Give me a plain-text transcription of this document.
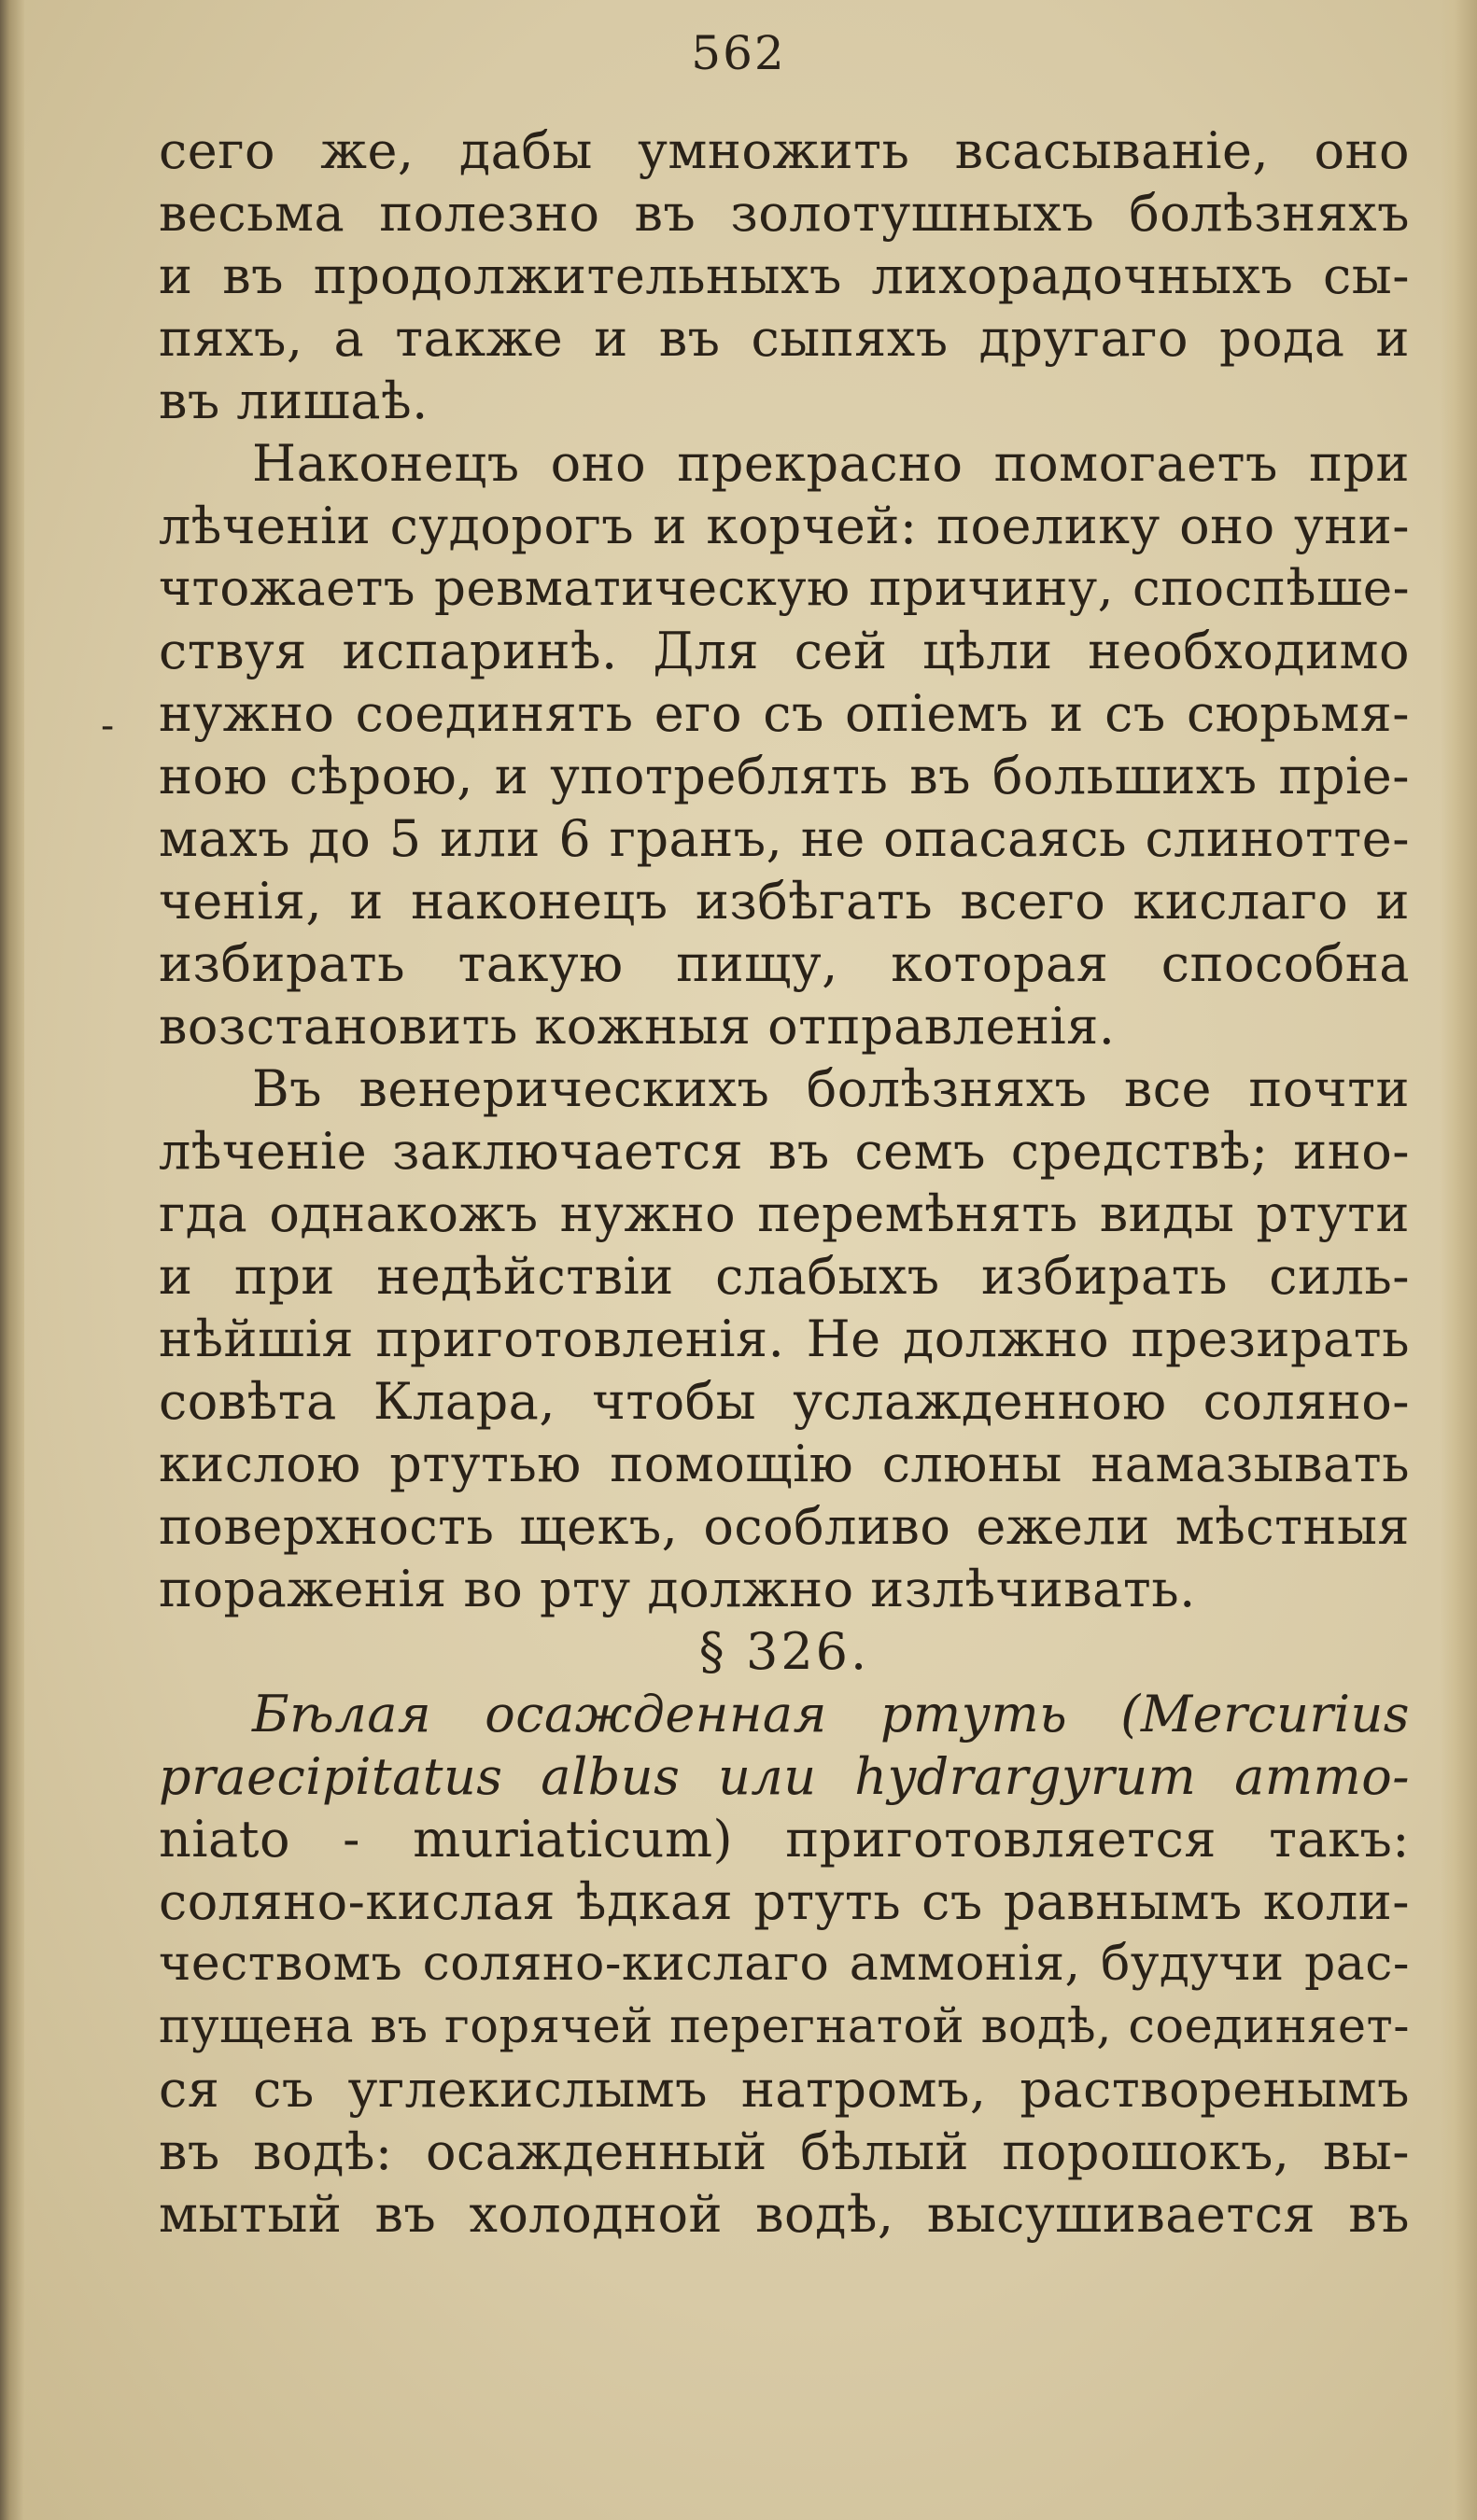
562
-
сего же, дабы умножить всасываніе, оно
весьма полезно въ золотушныхъ болѣзняхъ
и въ продолжительныхъ лихорадочныхъ сы-
пяхъ, а также и въ сыпяхъ другаго рода и
въ лишаѣ.
Наконецъ оно прекрасно помогаетъ при
лѣченіи судорогъ и корчей: поелику оно уни-
чтожаетъ ревматическую причину, споспѣше-
ствуя испаринѣ. Для сей цѣли необходимо
нужно соединять его съ опіемъ и съ сюрьмя-
ною сѣрою, и употреблять въ большихъ пріе-
махъ до 5 или 6 гранъ, не опасаясь слинотте-
ченія, и наконецъ избѣгать всего кислаго и
избирать такую пищу, которая способна
возстановить кожныя отправленія.
Въ венерическихъ болѣзняхъ все почти
лѣченіе заключается въ семъ средствѣ; ино-
гда однакожъ нужно перемѣнять виды ртути
и при недѣйствіи слабыхъ избирать силь-
нѣйшія приготовленія. Не должно презирать
совѣта Клара, чтобы услажденною соляно-
кислою ртутью помощію слюны намазывать
поверхность щекъ, особливо ежели мѣстныя
пораженія во рту должно излѣчивать.
§ 326.
Бѣлая осажденная ртуть (Mercurius
praecipitatus albus или hydrargyrum ammo-
niato - muriaticum) приготовляется такъ:
соляно-кислая ѣдкая ртуть съ равнымъ коли-
чествомъ соляно-кислаго аммонія, будучи рас-
пущена въ горячей перегнатой водѣ, соединяет-
ся съ углекислымъ натромъ, растворенымъ
въ водѣ: осажденный бѣлый порошокъ, вы-
мытый въ холодной водѣ, высушивается въ
